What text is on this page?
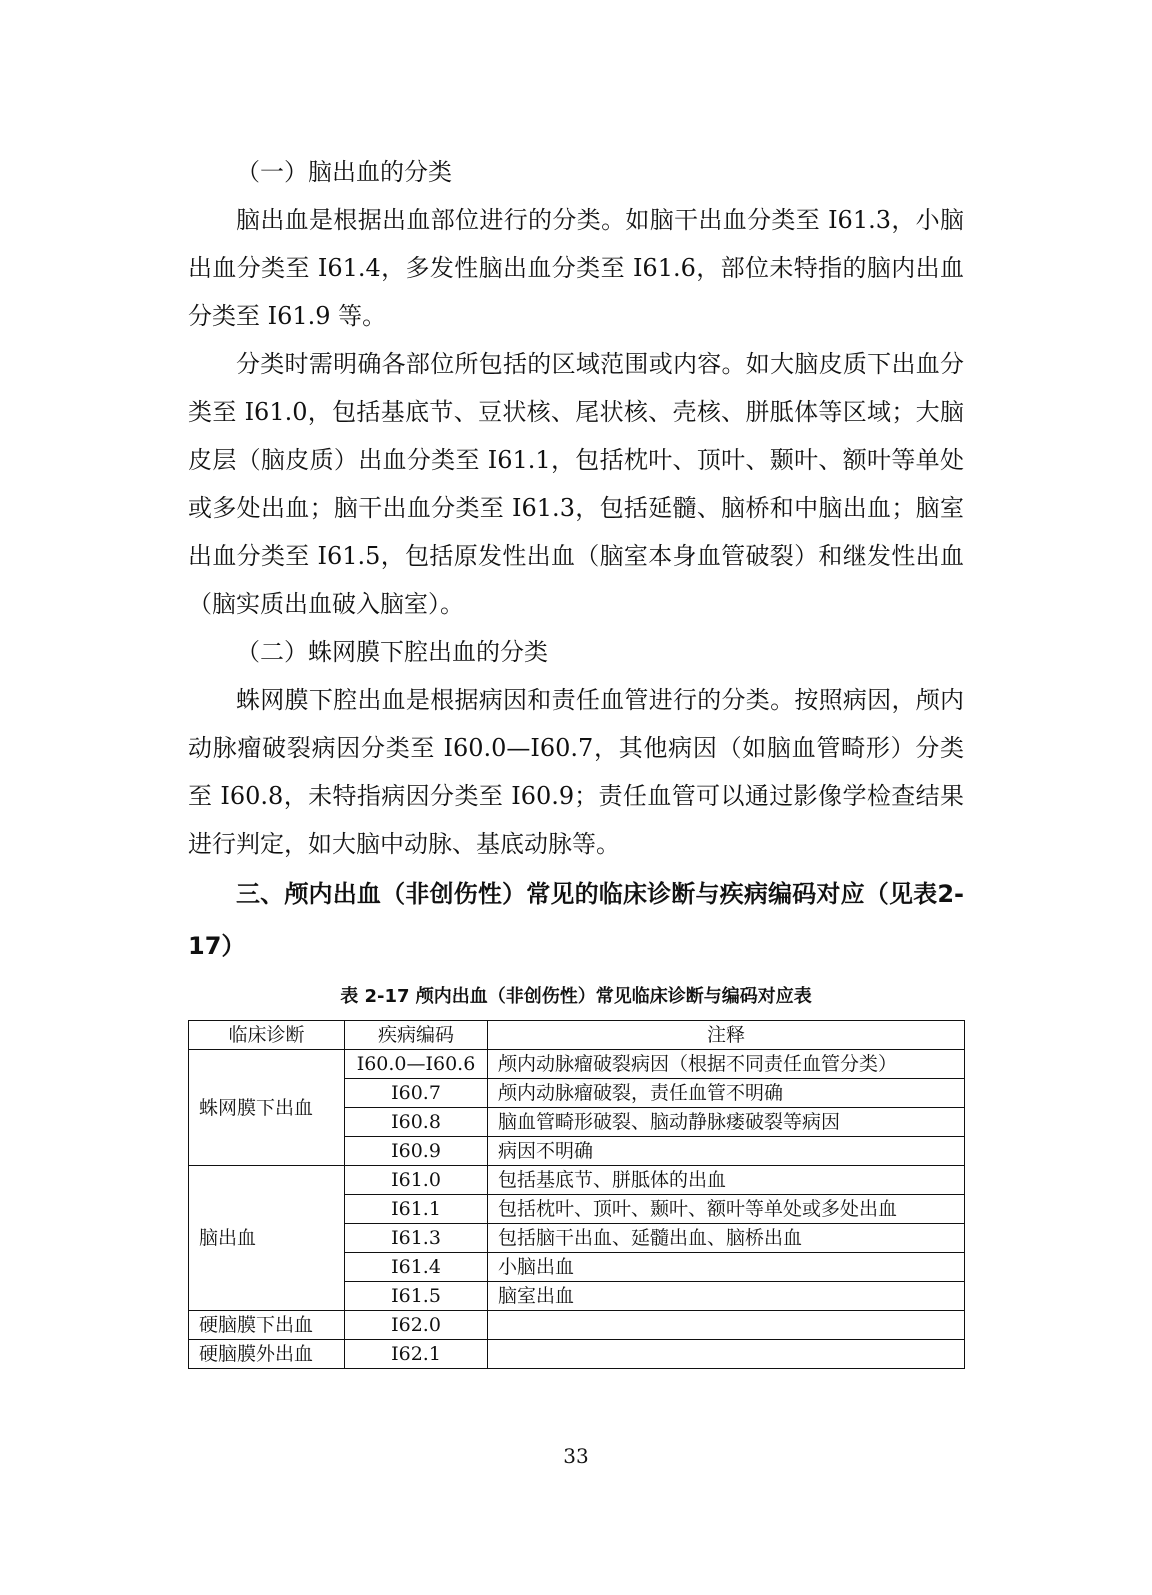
（一）脑出血的分类

脑出血是根据出血部位进行的分类。如脑干出血分类至 I61.3，小脑出血分类至 I61.4，多发性脑出血分类至 I61.6，部位未特指的脑内出血分类至 I61.9 等。

分类时需明确各部位所包括的区域范围或内容。如大脑皮质下出血分类至 I61.0，包括基底节、豆状核、尾状核、壳核、胼胝体等区域；大脑皮层（脑皮质）出血分类至 I61.1，包括枕叶、顶叶、颞叶、额叶等单处或多处出血；脑干出血分类至 I61.3，包括延髓、脑桥和中脑出血；脑室出血分类至 I61.5，包括原发性出血（脑室本身血管破裂）和继发性出血（脑实质出血破入脑室）。

（二）蛛网膜下腔出血的分类

蛛网膜下腔出血是根据病因和责任血管进行的分类。按照病因，颅内动脉瘤破裂病因分类至 I60.0—I60.7，其他病因（如脑血管畸形）分类至 I60.8，未特指病因分类至 I60.9；责任血管可以通过影像学检查结果进行判定，如大脑中动脉、基底动脉等。

三、颅内出血（非创伤性）常见的临床诊断与疾病编码对应（见表2-17）

表 2-17 颅内出血（非创伤性）常见临床诊断与编码对应表
临床诊断	疾病编码	注释
蛛网膜下出血	I60.0—I60.6	颅内动脉瘤破裂病因（根据不同责任血管分类）
	I60.7	颅内动脉瘤破裂，责任血管不明确
	I60.8	脑血管畸形破裂、脑动静脉瘘破裂等病因
	I60.9	病因不明确
脑出血	I61.0	包括基底节、胼胝体的出血
	I61.1	包括枕叶、顶叶、颞叶、额叶等单处或多处出血
	I61.3	包括脑干出血、延髓出血、脑桥出血
	I61.4	小脑出血
	I61.5	脑室出血
硬脑膜下出血	I62.0	
硬脑膜外出血	I62.1	
33
